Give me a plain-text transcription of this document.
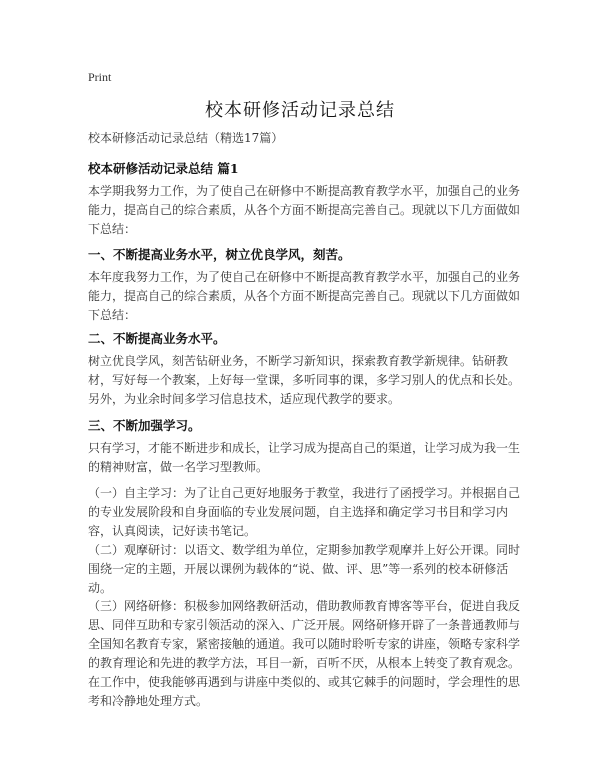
Print
校本研修活动记录总结
校本研修活动记录总结（精选17篇）
校本研修活动记录总结 篇1
本学期我努力工作，为了使自己在研修中不断提高教育教学水平，加强自己的业务能力，提高自己的综合素质，从各个方面不断提高完善自己。现就以下几方面做如下总结：
一、不断提高业务水平，树立优良学风，刻苦。
本年度我努力工作，为了使自己在研修中不断提高教育教学水平，加强自己的业务能力，提高自己的综合素质，从各个方面不断提高完善自己。现就以下几方面做如下总结：
二、不断提高业务水平。
树立优良学风，刻苦钻研业务，不断学习新知识，探索教育教学新规律。钻研教材，写好每一个教案，上好每一堂课，多听同事的课，多学习别人的优点和长处。另外，为业余时间多学习信息技术，适应现代教学的要求。
三、不断加强学习。
只有学习，才能不断进步和成长，让学习成为提高自己的渠道，让学习成为我一生的精神财富，做一名学习型教师。
（一）自主学习：为了让自己更好地服务于教堂，我进行了函授学习。并根据自己的专业发展阶段和自身面临的专业发展问题，自主选择和确定学习书目和学习内容，认真阅读，记好读书笔记。
（二）观摩研讨：以语文、数学组为单位，定期参加教学观摩并上好公开课。同时围绕一定的主题，开展以课例为载体的“说、做、评、思”等一系列的校本研修活动。
（三）网络研修：积极参加网络教研活动，借助教师教育博客等平台，促进自我反思、同伴互助和专家引领活动的深入、广泛开展。网络研修开辟了一条普通教师与全国知名教育专家，紧密接触的通道。我可以随时聆听专家的讲座，领略专家科学的教育理论和先进的教学方法，耳目一新，百听不厌，从根本上转变了教育观念。在工作中，使我能够再遇到与讲座中类似的、或其它棘手的问题时，学会理性的思考和冷静地处理方式。
